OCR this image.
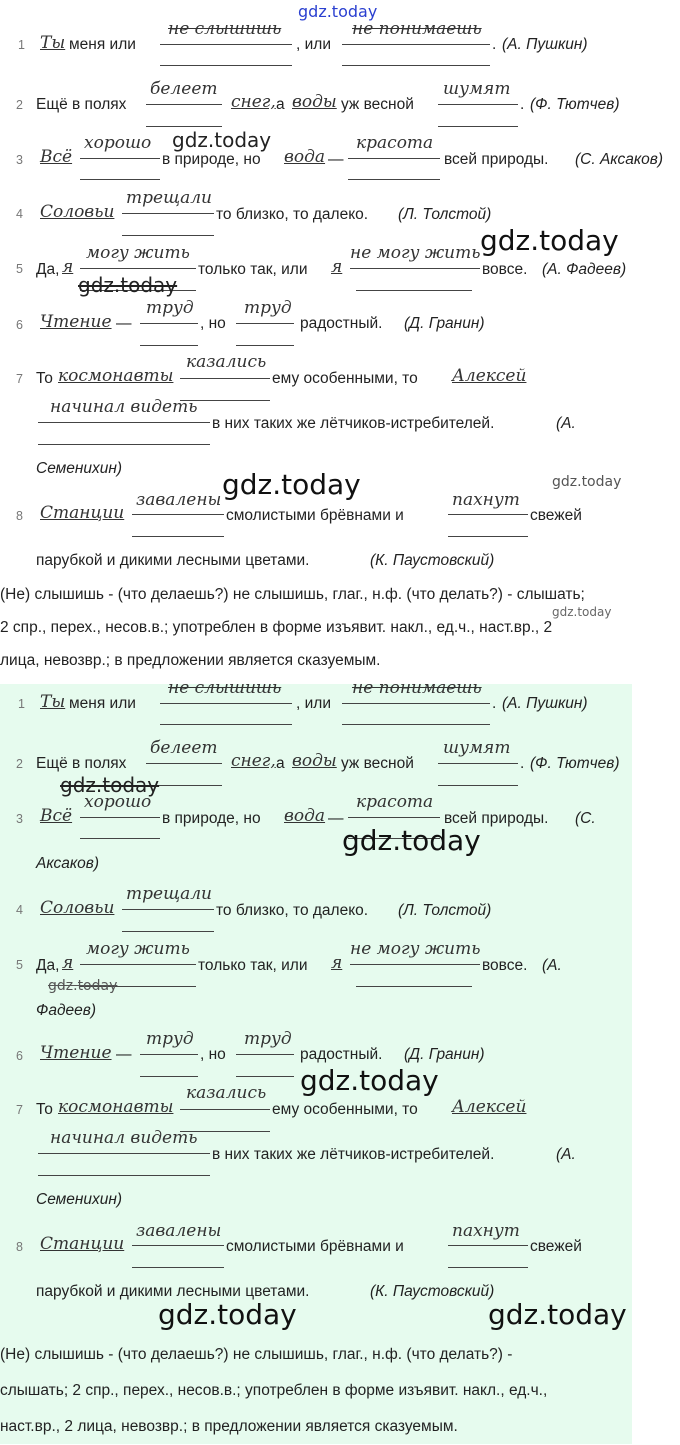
gdz.today
1 Ты меня или
не слышишь
, или
не понимаешь
. (А. Пушкин)
2 Ещё в полях
белеет
снег, а воды уж весной
шумят
. (Ф. Тютчев)
3 Всё
хорошо
в природе, но вода —
красота
всей природы. (С. Аксаков)
4 Соловьи
трещали
то близко, то далеко. (Л. Толстой)
5 Да, я
могу жить
только так, или я
не могу жить
вовсе. (А. Фадеев)
6 Чтение —
труд
, но
труд
радостный. (Д. Гранин)
7 То космонавты
казались
ему особенными, то Алексей
начинал видеть
в них таких же лётчиков-истребителей.	(А.
Семенихин)
8 Станции
завалены
смолистыми брёвнами и
пахнут
свежей
парубкой и дикими лесными цветами.	(К. Паустовский)
(Не) слышишь - (что делаешь?) не слышишь, глаг., н.ф. (что делать?) - слышать;
2 спр., перех., несов.в.; употреблен в форме изъявит. накл., ед.ч., наст.вр., 2
лица, невозвр.; в предложении является сказуемым.
1 Ты меня или
не слышишь
, или
не понимаешь
. (А. Пушкин)
2 Ещё в полях
белеет
снег, а воды уж весной
шумят
. (Ф. Тютчев)
3 Всё
хорошо
в природе, но вода —
красота
всей природы. (С.
Аксаков)
4 Соловьи
трещали
то близко, то далеко. (Л. Толстой)
5 Да, я
могу жить
только так, или я
не могу жить
вовсе. (А.
Фадеев)
6 Чтение —
труд
, но
труд
радостный. (Д. Гранин)
7 То космонавты
казались
ему особенными, то Алексей
начинал видеть
в них таких же лётчиков-истребителей.	(А.
Семенихин)
8 Станции
завалены
смолистыми брёвнами и
пахнут
свежей
парубкой и дикими лесными цветами.	(К. Паустовский)
(Не) слышишь - (что делаешь?) не слышишь, глаг., н.ф. (что делать?) -
слышать; 2 спр., перех., несов.в.; употреблен в форме изъявит. накл., ед.ч.,
наст.вр., 2 лица, невозвр.; в предложении является сказуемым.
gdz.today
gdz.today
gdz.today
gdz.today	gdz.today
gdz.today
gdz.today
gdz.today
gdz.today
gdz.today
gdz.today	gdz.today
